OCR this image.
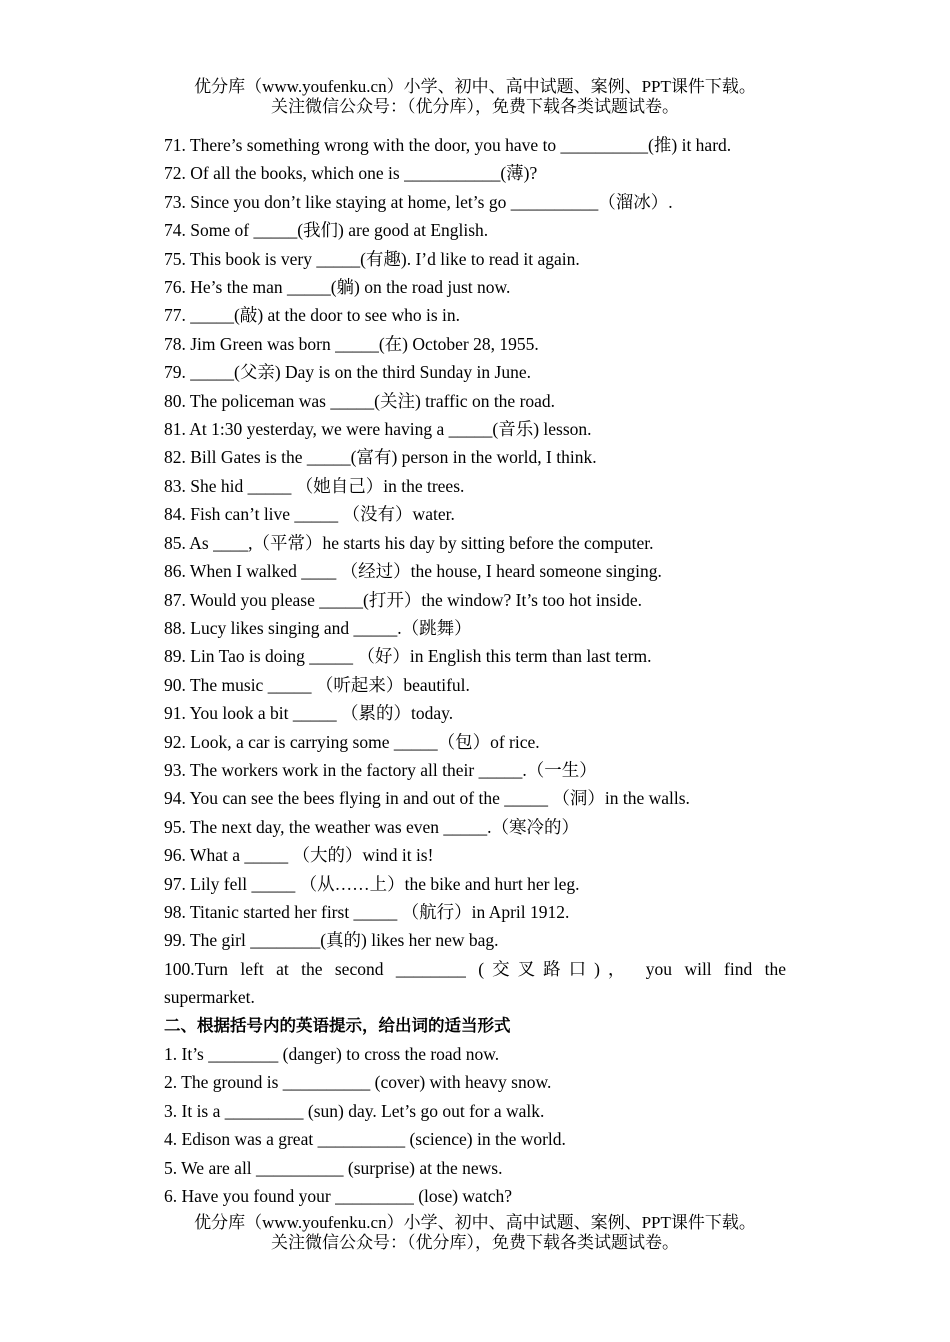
优分库（www.youfenku.cn）小学、初中、高中试题、案例、PPT课件下载。
关注微信公众号：（优分库），免费下载各类试题试卷。
71. There’s something wrong with the door, you have to __________(推) it hard.
72. Of all the books, which one is ___________(薄)?
73. Since you don’t like staying at home, let’s go __________（溜冰）.
74. Some of _____(我们) are good at English.
75. This book is very _____(有趣). I’d like to read it again.
76. He’s the man _____(躺) on the road just now.
77. _____(敲) at the door to see who is in.
78. Jim Green was born _____(在) October 28, 1955.
79. _____(父亲) Day is on the third Sunday in June.
80. The policeman was _____(关注) traffic on the road.
81. At 1:30 yesterday, we were having a _____(音乐) lesson.
82. Bill Gates is the _____(富有) person in the world, I think.
83. She hid _____ （她自己）in the trees.
84. Fish can’t live _____ （没有）water.
85. As ____,（平常）he starts his day by sitting before the computer.
86. When I walked ____ （经过）the house, I heard someone singing.
87. Would you please _____(打开）the window? It’s too hot inside.
88. Lucy likes singing and _____.（跳舞）
89. Lin Tao is doing _____ （好）in English this term than last term.
90. The music _____ （听起来）beautiful.
91. You look a bit _____ （累的）today.
92. Look, a car is carrying some _____（包）of rice.
93. The workers work in the factory all their _____.（一生）
94. You can see the bees flying in and out of the _____ （洞）in the walls.
95. The next day, the weather was even _____.（寒冷的）
96. What a _____ （大的）wind it is!
97. Lily fell _____ （从……上）the bike and hurt her leg.
98. Titanic started her first _____ （航行）in April 1912.
99. The girl ________(真的) likes her new bag.
100.Turn left at the second ________ (交叉路口)， you will find the
supermarket.
二、根据括号内的英语提示，给出词的适当形式
1. It’s ________ (danger) to cross the road now.
2. The ground is __________ (cover) with heavy snow.
3. It is a _________ (sun) day. Let’s go out for a walk.
4. Edison was a great __________ (science) in the world.
5. We are all __________ (surprise) at the news.
6. Have you found your _________ (lose) watch?
优分库（www.youfenku.cn）小学、初中、高中试题、案例、PPT课件下载。
关注微信公众号：（优分库），免费下载各类试题试卷。
